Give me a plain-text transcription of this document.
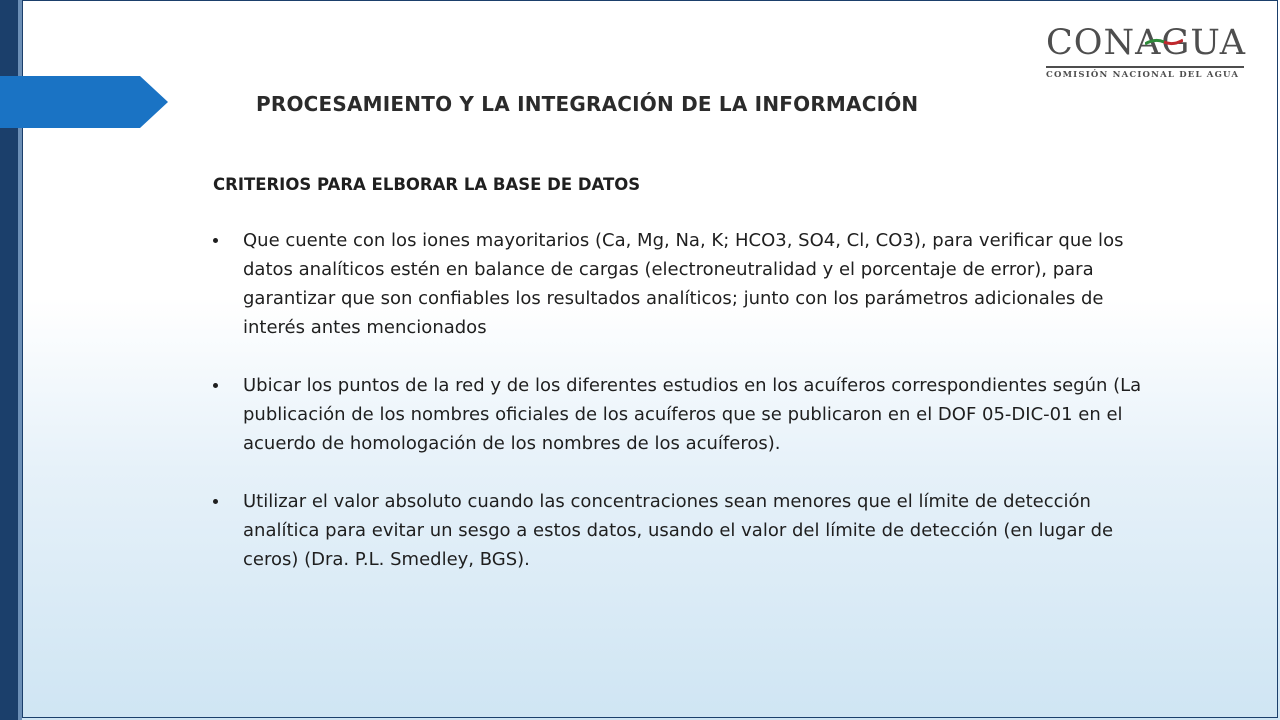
CONAGUA
COMISIÓN NACIONAL DEL AGUA
PROCESAMIENTO Y LA INTEGRACIÓN DE LA INFORMACIÓN
CRITERIOS PARA ELBORAR LA BASE DE DATOS
Que cuente con los iones mayoritarios (Ca, Mg, Na, K; HCO3, SO4, Cl, CO3), para verificar que los datos analíticos estén en balance de cargas (electroneutralidad y el porcentaje de error), para garantizar que son confiables los resultados analíticos; junto con los parámetros adicionales de interés antes mencionados
Ubicar los puntos de la red y de los diferentes estudios en los acuíferos correspondientes según (La publicación de los nombres oficiales de los acuíferos que se publicaron en el DOF 05-DIC-01 en el acuerdo de homologación de los nombres de los acuíferos).
Utilizar el valor absoluto cuando las concentraciones sean menores que el límite de detección analítica para evitar un sesgo a estos datos, usando el valor del límite de detección (en lugar de ceros) (Dra. P.L. Smedley, BGS).
